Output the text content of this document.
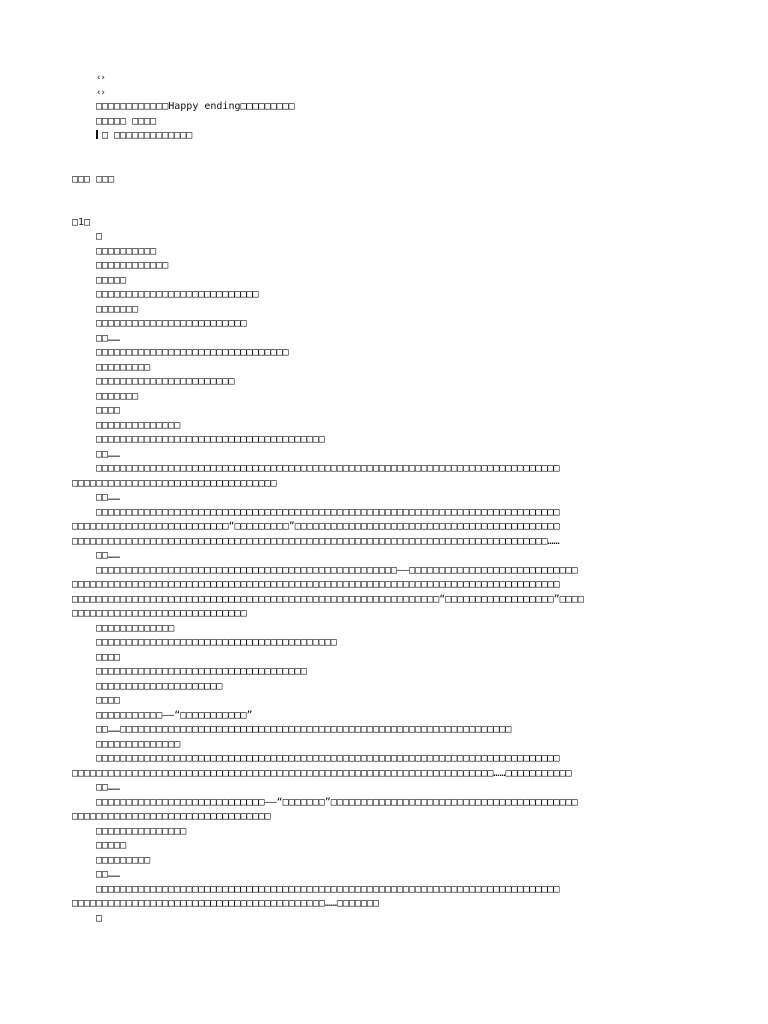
‹›
‹›
□□□□□□□□□□□□Happy ending□□□□□□□□□
□□□□□ □□□□
□ □□□□□□□□□□□□□
□□□ □□□
□1□
□
□□□□□□□□□□
□□□□□□□□□□□□
□□□□□
□□□□□□□□□□□□□□□□□□□□□□□□□□□
□□□□□□□
□□□□□□□□□□□□□□□□□□□□□□□□□
□□……
□□□□□□□□□□□□□□□□□□□□□□□□□□□□□□□□
□□□□□□□□□
□□□□□□□□□□□□□□□□□□□□□□□
□□□□□□□
□□□□
□□□□□□□□□□□□□□
□□□□□□□□□□□□□□□□□□□□□□□□□□□□□□□□□□□□□□
□□……
□□□□□□□□□□□□□□□□□□□□□□□□□□□□□□□□□□□□□□□□□□□□□□□□□□□□□□□□□□□□□□□□□□□□□□□□□□□□□
□□□□□□□□□□□□□□□□□□□□□□□□□□□□□□□□□□
□□……
□□□□□□□□□□□□□□□□□□□□□□□□□□□□□□□□□□□□□□□□□□□□□□□□□□□□□□□□□□□□□□□□□□□□□□□□□□□□□
□□□□□□□□□□□□□□□□□□□□□□□□□□“□□□□□□□□□”□□□□□□□□□□□□□□□□□□□□□□□□□□□□□□□□□□□□□□□□□□□□
□□□□□□□□□□□□□□□□□□□□□□□□□□□□□□□□□□□□□□□□□□□□□□□□□□□□□□□□□□□□□□□□□□□□□□□□□□□□□□□……
□□……
□□□□□□□□□□□□□□□□□□□□□□□□□□□□□□□□□□□□□□□□□□□□□□□□□□——□□□□□□□□□□□□□□□□□□□□□□□□□□□□
□□□□□□□□□□□□□□□□□□□□□□□□□□□□□□□□□□□□□□□□□□□□□□□□□□□□□□□□□□□□□□□□□□□□□□□□□□□□□□□□□
□□□□□□□□□□□□□□□□□□□□□□□□□□□□□□□□□□□□□□□□□□□□□□□□□□□□□□□□□□□□□“□□□□□□□□□□□□□□□□□□”□□□□
□□□□□□□□□□□□□□□□□□□□□□□□□□□□□
□□□□□□□□□□□□□
□□□□□□□□□□□□□□□□□□□□□□□□□□□□□□□□□□□□□□□□
□□□□
□□□□□□□□□□□□□□□□□□□□□□□□□□□□□□□□□□□
□□□□□□□□□□□□□□□□□□□□□
□□□□
□□□□□□□□□□□——“□□□□□□□□□□□”
□□……□□□□□□□□□□□□□□□□□□□□□□□□□□□□□□□□□□□□□□□□□□□□□□□□□□□□□□□□□□□□□□□□□
□□□□□□□□□□□□□□
□□□□□□□□□□□□□□□□□□□□□□□□□□□□□□□□□□□□□□□□□□□□□□□□□□□□□□□□□□□□□□□□□□□□□□□□□□□□□
□□□□□□□□□□□□□□□□□□□□□□□□□□□□□□□□□□□□□□□□□□□□□□□□□□□□□□□□□□□□□□□□□□□□□□……□□□□□□□□□□□
□□……
□□□□□□□□□□□□□□□□□□□□□□□□□□□□——“□□□□□□□”□□□□□□□□□□□□□□□□□□□□□□□□□□□□□□□□□□□□□□□□□
□□□□□□□□□□□□□□□□□□□□□□□□□□□□□□□□□
□□□□□□□□□□□□□□□
□□□□□
□□□□□□□□□
□□……
□□□□□□□□□□□□□□□□□□□□□□□□□□□□□□□□□□□□□□□□□□□□□□□□□□□□□□□□□□□□□□□□□□□□□□□□□□□□□
□□□□□□□□□□□□□□□□□□□□□□□□□□□□□□□□□□□□□□□□□□……□□□□□□□
□
